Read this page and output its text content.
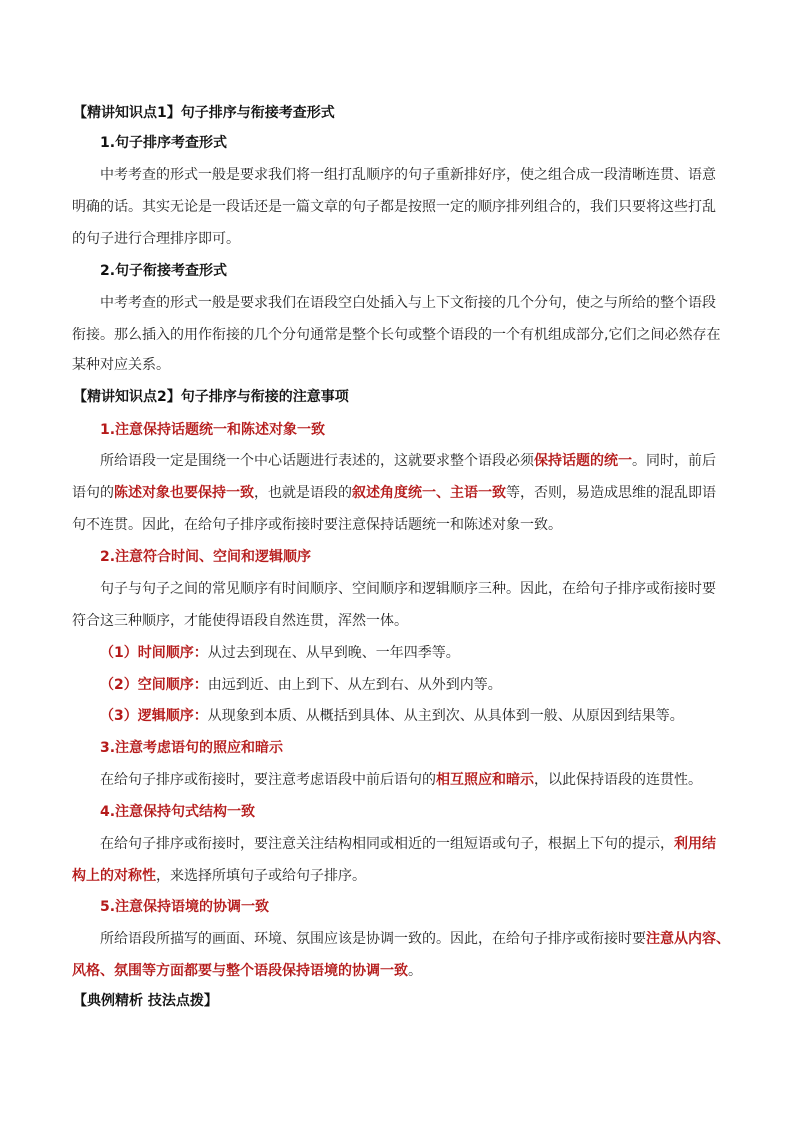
【精讲知识点1】句子排序与衔接考查形式
1.句子排序考查形式
中考考查的形式一般是要求我们将一组打乱顺序的句子重新排好序，使之组合成一段清晰连贯、语意
明确的话。其实无论是一段话还是一篇文章的句子都是按照一定的顺序排列组合的，我们只要将这些打乱
的句子进行合理排序即可。
2.句子衔接考查形式
中考考查的形式一般是要求我们在语段空白处插入与上下文衔接的几个分句，使之与所给的整个语段
衔接。那么插入的用作衔接的几个分句通常是整个长句或整个语段的一个有机组成部分,它们之间必然存在
某种对应关系。
【精讲知识点2】句子排序与衔接的注意事项
1.注意保持话题统一和陈述对象一致
所给语段一定是围绕一个中心话题进行表述的，这就要求整个语段必须保持话题的统一。同时，前后
语句的陈述对象也要保持一致，也就是语段的叙述角度统一、主语一致等，否则，易造成思维的混乱即语
句不连贯。因此，在给句子排序或衔接时要注意保持话题统一和陈述对象一致。
2.注意符合时间、空间和逻辑顺序
句子与句子之间的常见顺序有时间顺序、空间顺序和逻辑顺序三种。因此，在给句子排序或衔接时要
符合这三种顺序，才能使得语段自然连贯，浑然一体。
（1）时间顺序：从过去到现在、从早到晚、一年四季等。
（2）空间顺序：由远到近、由上到下、从左到右、从外到内等。
（3）逻辑顺序：从现象到本质、从概括到具体、从主到次、从具体到一般、从原因到结果等。
3.注意考虑语句的照应和暗示
在给句子排序或衔接时，要注意考虑语段中前后语句的相互照应和暗示，以此保持语段的连贯性。
4.注意保持句式结构一致
在给句子排序或衔接时，要注意关注结构相同或相近的一组短语或句子，根据上下句的提示，利用结
构上的对称性，来选择所填句子或给句子排序。
5.注意保持语境的协调一致
所给语段所描写的画面、环境、氛围应该是协调一致的。因此，在给句子排序或衔接时要注意从内容、
风格、氛围等方面都要与整个语段保持语境的协调一致。
【典例精析 技法点拨】
